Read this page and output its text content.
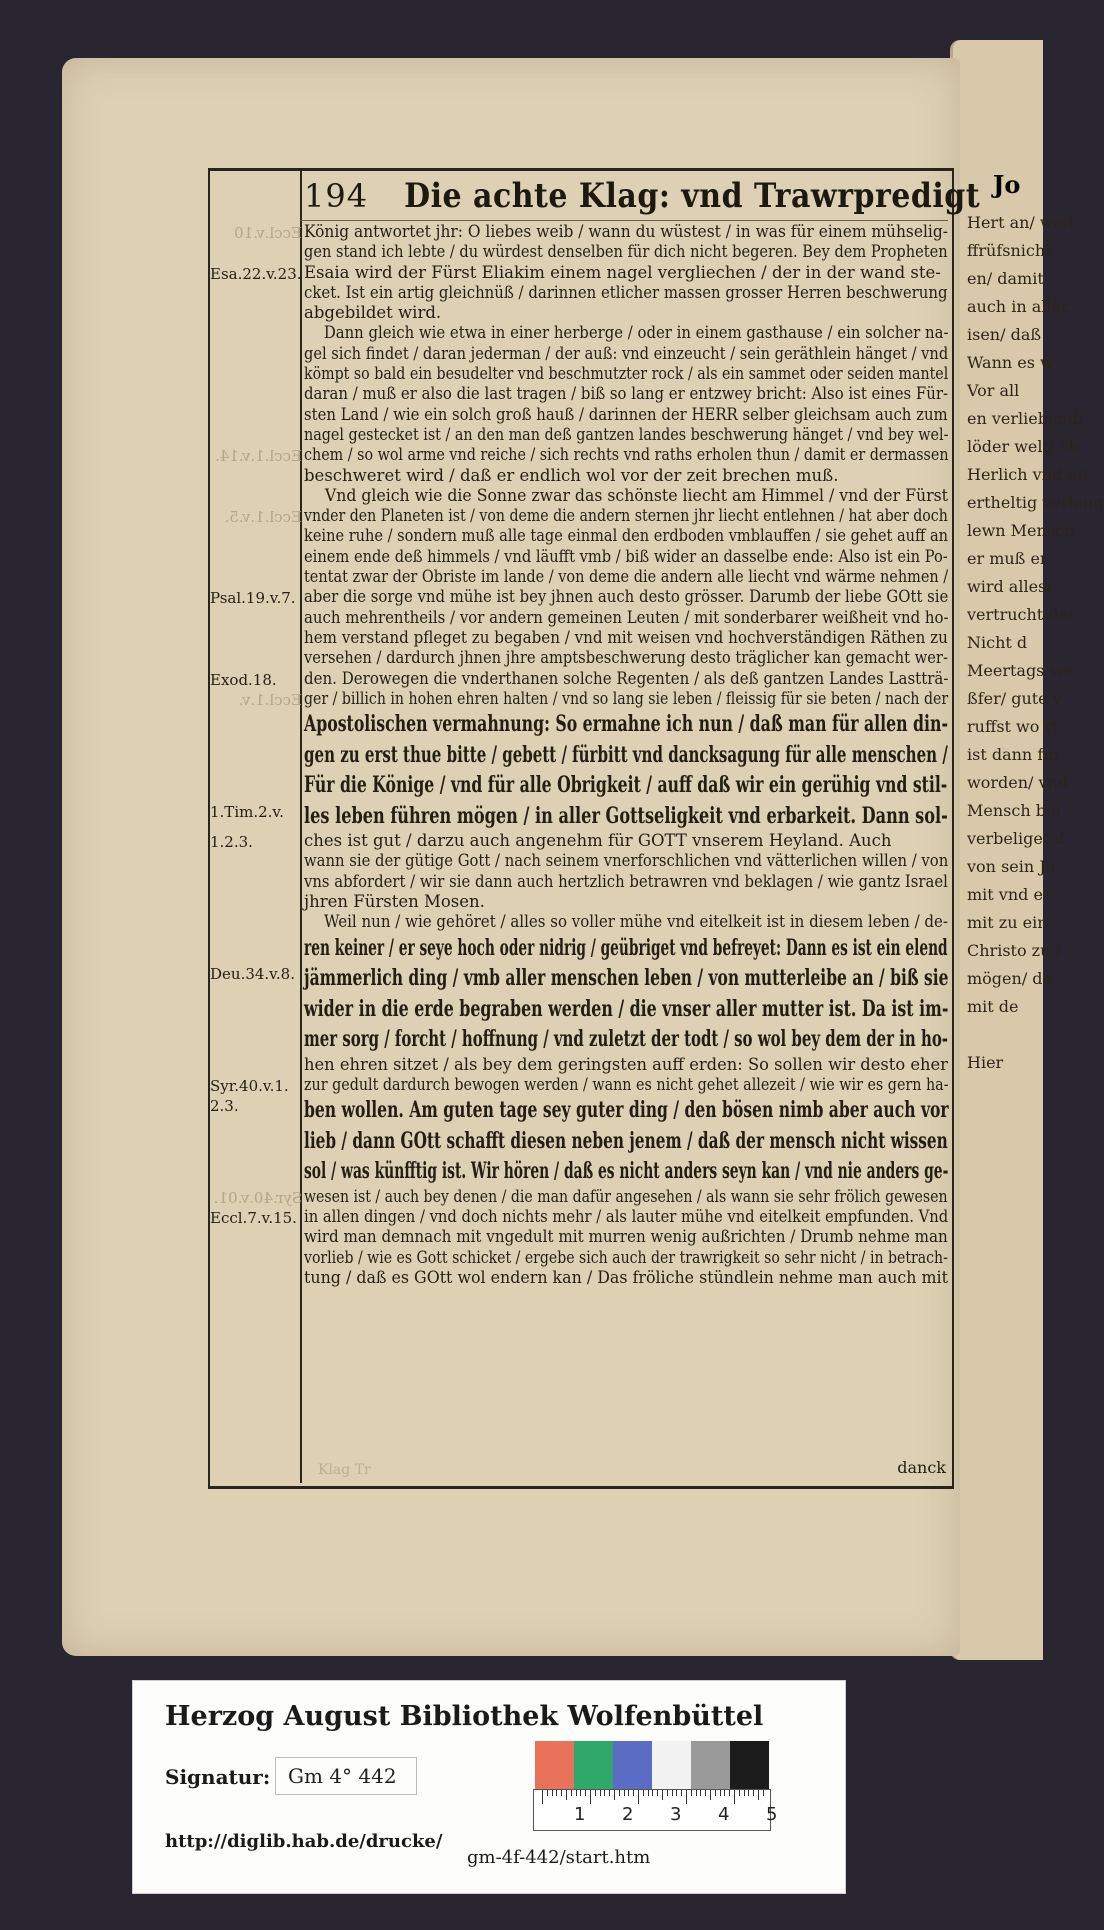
Jo
Hert an/ weil
ffrüfsnicht
en/ damit
auch in aller
isen/ daß
Wann es w
Vor all
en verliebend/
löder welt/ ob
Herlich vnd bli
ertheltig verlang
lewn Mensch
er muß er
wird alles/
vertrucht der
Nicht d
Meertags we
ßfer/ gute v
ruffst wo rt
ist dann fin
worden/ vnd
Mensch bei
verbeliget d
von sein Ja
mit vnd er
mit zu ein
Christo zu f
mögen/ de
mit de
Hier
194 Die achte Klag: vnd Trawrpredigt
König antwortet jhr: O liebes weib / wann du wüstest / in was für einem mühselig-
gen stand ich lebte / du würdest denselben für dich nicht begeren. Bey dem Propheten
Esaia wird der Fürst Eliakim einem nagel vergliechen / der in der wand ste-
cket. Ist ein artig gleichnüß / darinnen etlicher massen grosser Herren beschwerung
abgebildet wird.
Dann gleich wie etwa in einer herberge / oder in einem gasthause / ein solcher na-
gel sich findet / daran jederman / der auß: vnd einzeucht / sein geräthlein hänget / vnd
kömpt so bald ein besudelter vnd beschmutzter rock / als ein sammet oder seiden mantel
daran / muß er also die last tragen / biß so lang er entzwey bricht: Also ist eines Für-
sten Land / wie ein solch groß hauß / darinnen der HERR selber gleichsam auch zum
nagel gestecket ist / an den man deß gantzen landes beschwerung hänget / vnd bey wel-
chem / so wol arme vnd reiche / sich rechts vnd raths erholen thun / damit er dermassen
beschweret wird / daß er endlich wol vor der zeit brechen muß.
Vnd gleich wie die Sonne zwar das schönste liecht am Himmel / vnd der Fürst
vnder den Planeten ist / von deme die andern sternen jhr liecht entlehnen / hat aber doch
keine ruhe / sondern muß alle tage einmal den erdboden vmblauffen / sie gehet auff an
einem ende deß himmels / vnd läufft vmb / biß wider an dasselbe ende: Also ist ein Po-
tentat zwar der Obriste im lande / von deme die andern alle liecht vnd wärme nehmen /
aber die sorge vnd mühe ist bey jhnen auch desto grösser. Darumb der liebe GOtt sie
auch mehrentheils / vor andern gemeinen Leuten / mit sonderbarer weißheit vnd ho-
hem verstand pfleget zu begaben / vnd mit weisen vnd hochverständigen Räthen zu
versehen / dardurch jhnen jhre amptsbeschwerung desto träglicher kan gemacht wer-
den. Derowegen die vnderthanen solche Regenten / als deß gantzen Landes Lastträ-
ger / billich in hohen ehren halten / vnd so lang sie leben / fleissig für sie beten / nach der
Apostolischen vermahnung: So ermahne ich nun / daß man für allen din-
gen zu erst thue bitte / gebett / fürbitt vnd dancksagung für alle menschen /
Für die Könige / vnd für alle Obrigkeit / auff daß wir ein gerühig vnd stil-
les leben führen mögen / in aller Gottseligkeit vnd erbarkeit. Dann sol-
ches ist gut / darzu auch angenehm für GOTT vnserem Heyland. Auch
wann sie der gütige Gott / nach seinem vnerforschlichen vnd vätterlichen willen / von
vns abfordert / wir sie dann auch hertzlich betrawren vnd beklagen / wie gantz Israel
jhren Fürsten Mosen.
Weil nun / wie gehöret / alles so voller mühe vnd eitelkeit ist in diesem leben / de-
ren keiner / er seye hoch oder nidrig / geübriget vnd befreyet: Dann es ist ein elend
jämmerlich ding / vmb aller menschen leben / von mutterleibe an / biß sie
wider in die erde begraben werden / die vnser aller mutter ist. Da ist im-
mer sorg / forcht / hoffnung / vnd zuletzt der todt / so wol bey dem der in ho-
hen ehren sitzet / als bey dem geringsten auff erden: So sollen wir desto eher
zur gedult dardurch bewogen werden / wann es nicht gehet allezeit / wie wir es gern ha-
ben wollen. Am guten tage sey guter ding / den bösen nimb aber auch vor
lieb / dann GOtt schafft diesen neben jenem / daß der mensch nicht wissen
sol / was künfftig ist. Wir hören / daß es nicht anders seyn kan / vnd nie anders ge-
wesen ist / auch bey denen / die man dafür angesehen / als wann sie sehr frölich gewesen
in allen dingen / vnd doch nichts mehr / als lauter mühe vnd eitelkeit empfunden. Vnd
wird man demnach mit vngedult mit murren wenig außrichten / Drumb nehme man
vorlieb / wie es Gott schicket / ergebe sich auch der trawrigkeit so sehr nicht / in betrach-
tung / daß es GOtt wol endern kan / Das fröliche stündlein nehme man auch mit
Esa.22.v.23.
Eccl.1.v.14.
Eccl.1.v.5.
Psal.19.v.7.
Exod.18.
Eccl.1.v.
1.Tim.2.v.
1.2.3.
Deu.34.v.8.
Syr.40.v.1.
2.3.
Syr.40.v.01.
Eccl.7.v.15.
Eccl.v.10
Klag Tr	danck
Herzog August Bibliothek Wolfenbüttel
Signatur: Gm 4° 442
1 2 3 4 5
http://diglib.hab.de/drucke/
gm-4f-442/start.htm
